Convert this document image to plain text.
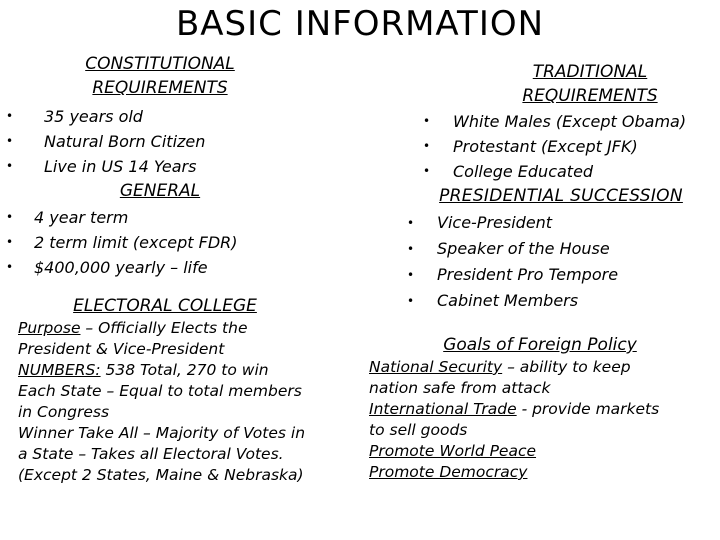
BASIC INFORMATION
CONSTITUTIONAL
REQUIREMENTS
• 35 years old
• Natural Born Citizen
• Live in US 14 Years
GENERAL
• 4 year term
• 2 term limit (except FDR)
• $400,000 yearly – life
TRADITIONAL
REQUIREMENTS
• White Males (Except Obama)
• Protestant (Except JFK)
• College Educated
PRESIDENTIAL SUCCESSION
• Vice-President
• Speaker of the House
• President Pro Tempore
• Cabinet Members
ELECTORAL COLLEGE
Purpose – Officially Elects the
President & Vice-President
NUMBERS: 538 Total, 270 to win
Each State – Equal to total members
in Congress
Winner Take All – Majority of Votes in
a State – Takes all Electoral Votes.
(Except 2 States, Maine & Nebraska)
Goals of Foreign Policy
National Security – ability to keep
nation safe from attack
International Trade - provide markets
to sell goods
Promote World Peace
Promote Democracy
